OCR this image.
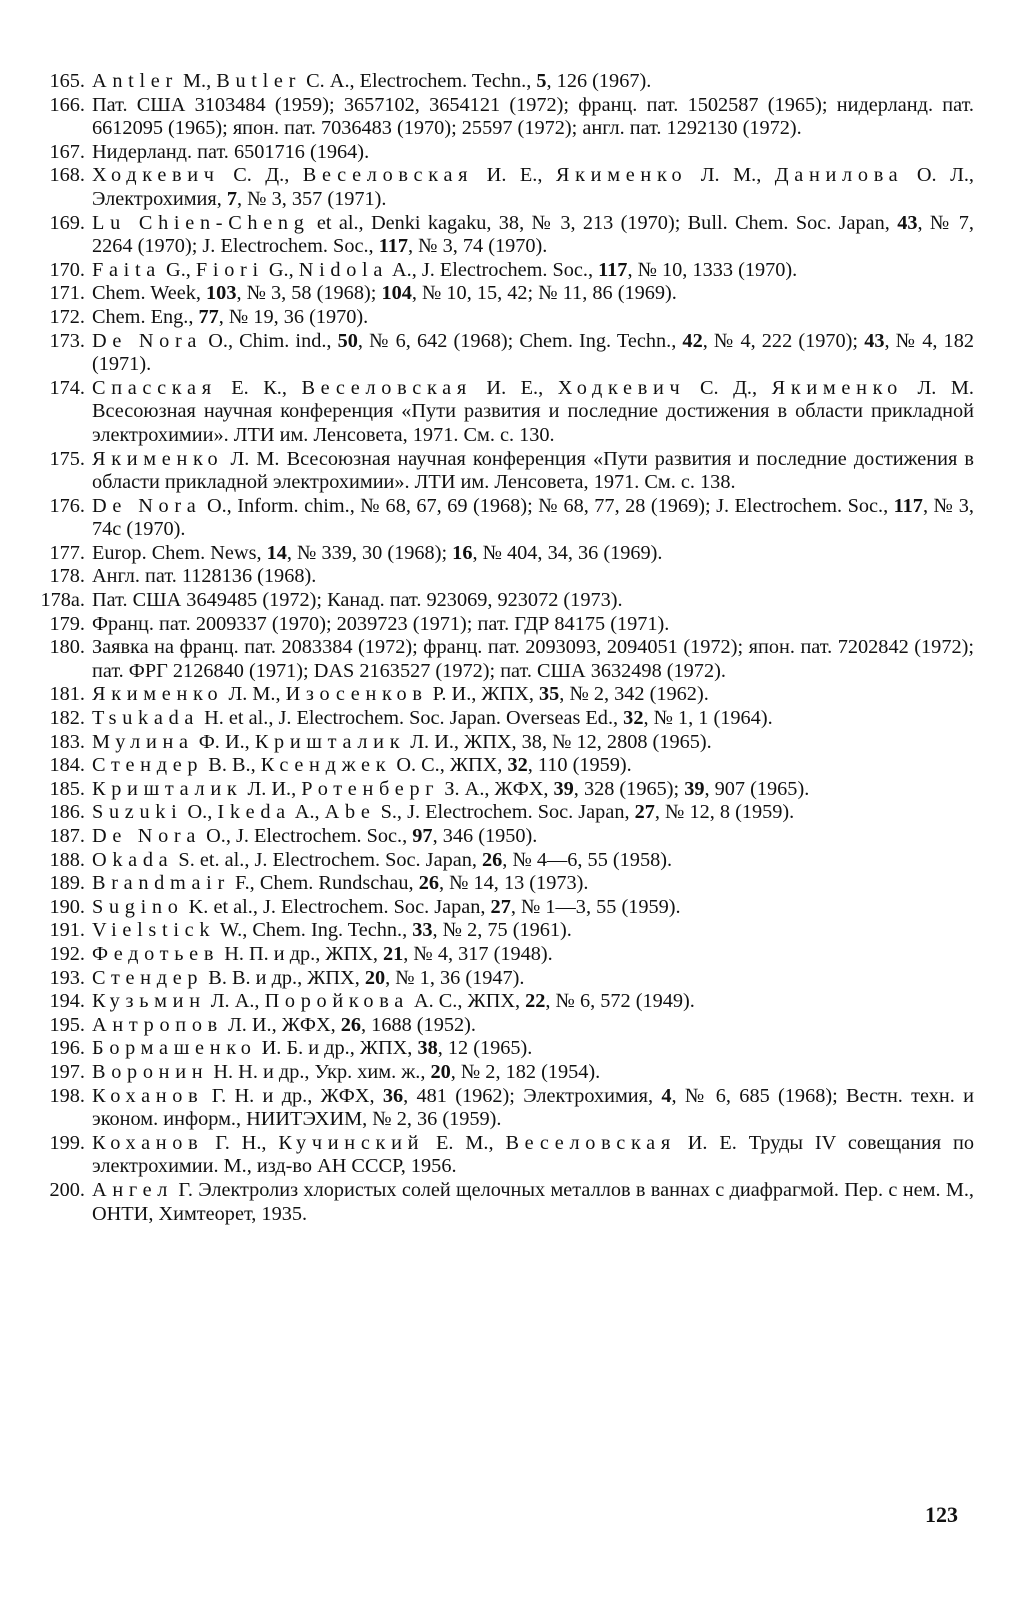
165. Antler М., Butler С. А., Electrochem. Techn., 5, 126 (1967).
166. Пат. США 3103484 (1959); 3657102, 3654121 (1972); франц. пат. 1502587 (1965); нидерланд. пат. 6612095 (1965); япон. пат. 7036483 (1970); 25597 (1972); англ. пат. 1292130 (1972).
167. Нидерланд. пат. 6501716 (1964).
168. Ходкевич С. Д., Веселовская И. Е., Якименко Л. М., Данилова О. Л., Электрохимия, 7, № 3, 357 (1971).
169. Lu Chien-Cheng et al., Denki kagaku, 38, № 3, 213 (1970); Bull. Chem. Soc. Japan, 43, № 7, 2264 (1970); J. Electrochem. Soc., 117, № 3, 74 (1970).
170. Faita G., Fiori G., Nidola A., J. Electrochem. Soc., 117, № 10, 1333 (1970).
171. Chem. Week, 103, № 3, 58 (1968); 104, № 10, 15, 42; № 11, 86 (1969).
172. Chem. Eng., 77, № 19, 36 (1970).
173. De Nora O., Chim. ind., 50, № 6, 642 (1968); Chem. Ing. Techn., 42, № 4, 222 (1970); 43, № 4, 182 (1971).
174. Спасская Е. К., Веселовская И. Е., Ходкевич С. Д., Якименко Л. М. Всесоюзная научная конференция «Пути развития и последние достижения в области прикладной электрохимии». ЛТИ им. Ленсовета, 1971. См. с. 130.
175. Якименко Л. М. Всесоюзная научная конференция «Пути развития и последние достижения в области прикладной электрохимии». ЛТИ им. Ленсовета, 1971. См. с. 138.
176. De Nora O., Inform. chim., № 68, 67, 69 (1968); № 68, 77, 28 (1969); J. Electrochem. Soc., 117, № 3, 74c (1970).
177. Europ. Chem. News, 14, № 339, 30 (1968); 16, № 404, 34, 36 (1969).
178. Англ. пат. 1128136 (1968).
178а. Пат. США 3649485 (1972); Канад. пат. 923069, 923072 (1973).
179. Франц. пат. 2009337 (1970); 2039723 (1971); пат. ГДР 84175 (1971).
180. Заявка на франц. пат. 2083384 (1972); франц. пат. 2093093, 2094051 (1972); япон. пат. 7202842 (1972); пат. ФРГ 2126840 (1971); DAS 2163527 (1972); пат. США 3632498 (1972).
181. Якименко Л. М., Изосенков Р. И., ЖПХ, 35, № 2, 342 (1962).
182. Tsukada H. et al., J. Electrochem. Soc. Japan. Overseas Ed., 32, № 1, 1 (1964).
183. Мулина Ф. И., Кришталик Л. И., ЖПХ, 38, № 12, 2808 (1965).
184. Стендер В. В., Ксенджек О. С., ЖПХ, 32, 110 (1959).
185. Кришталик Л. И., Ротенберг З. А., ЖФХ, 39, 328 (1965); 39, 907 (1965).
186. Suzuki O., Ikeda A., Abe S., J. Electrochem. Soc. Japan, 27, № 12, 8 (1959).
187. De Nora O., J. Electrochem. Soc., 97, 346 (1950).
188. Okada S. et. al., J. Electrochem. Soc. Japan, 26, № 4—6, 55 (1958).
189. Brandmair F., Chem. Rundschau, 26, № 14, 13 (1973).
190. Sugino K. et al., J. Electrochem. Soc. Japan, 27, № 1—3, 55 (1959).
191. Vielstick W., Chem. Ing. Techn., 33, № 2, 75 (1961).
192. Федотьев Н. П. и др., ЖПХ, 21, № 4, 317 (1948).
193. Стендер В. В. и др., ЖПХ, 20, № 1, 36 (1947).
194. Кузьмин Л. А., Поройкова А. С., ЖПХ, 22, № 6, 572 (1949).
195. Антропов Л. И., ЖФХ, 26, 1688 (1952).
196. Бормашенко И. Б. и др., ЖПХ, 38, 12 (1965).
197. Воронин Н. Н. и др., Укр. хим. ж., 20, № 2, 182 (1954).
198. Коханов Г. Н. и др., ЖФХ, 36, 481 (1962); Электрохимия, 4, № 6, 685 (1968); Вестн. техн. и эконом. информ., НИИТЭХИМ, № 2, 36 (1959).
199. Коханов Г. Н., Кучинский Е. М., Веселовская И. Е. Труды IV совещания по электрохимии. М., изд-во АН СССР, 1956.
200. Ангел Г. Электролиз хлористых солей щелочных металлов в ваннах с диафрагмой. Пер. с нем. М., ОНТИ, Химтеорет, 1935.
123
